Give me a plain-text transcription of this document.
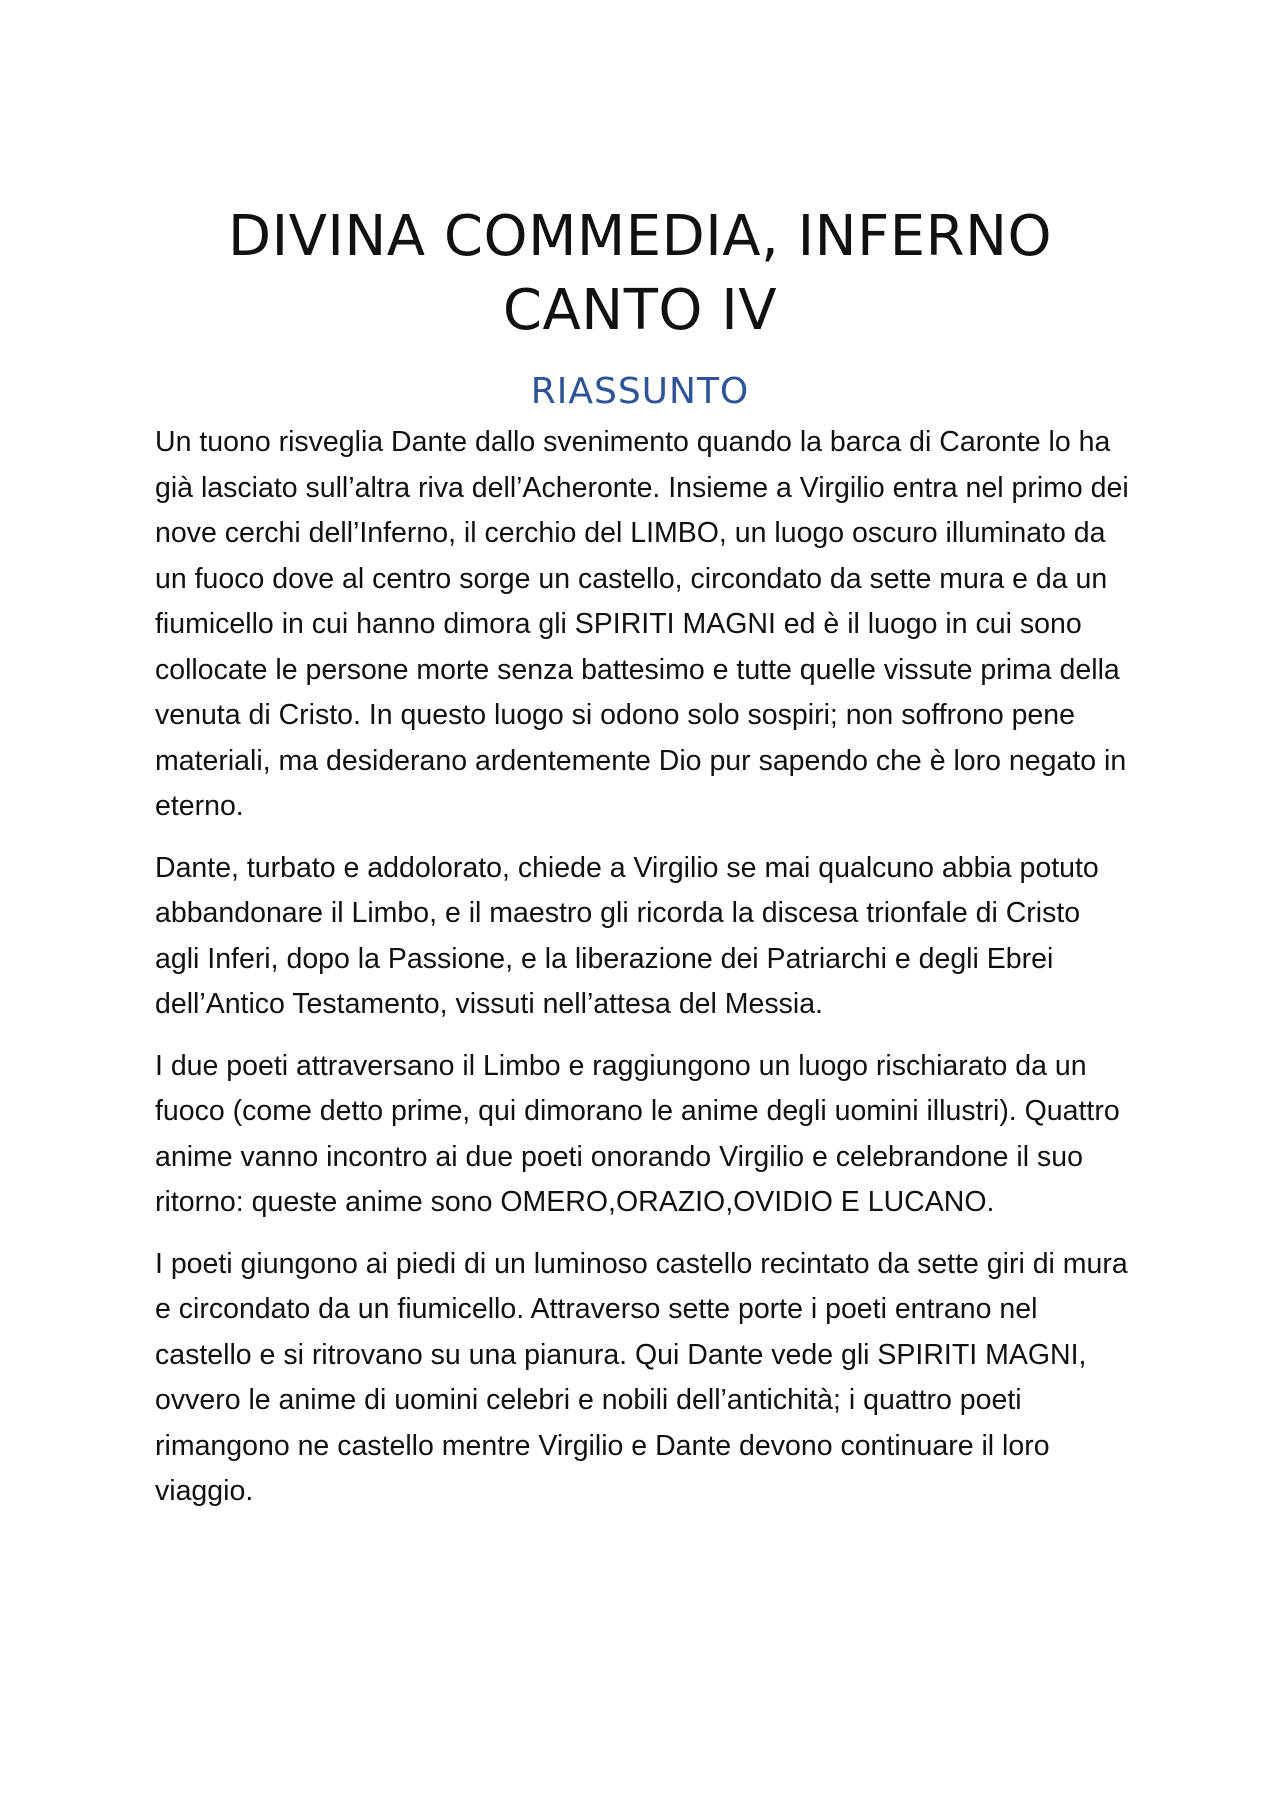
DIVINA COMMEDIA, INFERNO
CANTO IV
RIASSUNTO

Un tuono risveglia Dante dallo svenimento quando la barca di Caronte lo ha già lasciato sull’altra riva dell’Acheronte. Insieme a Virgilio entra nel primo dei nove cerchi dell’Inferno, il cerchio del LIMBO, un luogo oscuro illuminato da un fuoco dove al centro sorge un castello, circondato da sette mura e da un fiumicello in cui hanno dimora gli SPIRITI MAGNI ed è il luogo in cui sono collocate le persone morte senza battesimo e tutte quelle vissute prima della venuta di Cristo. In questo luogo si odono solo sospiri; non soffrono pene materiali, ma desiderano ardentemente Dio pur sapendo che è loro negato in eterno.

Dante, turbato e addolorato, chiede a Virgilio se mai qualcuno abbia potuto abbandonare il Limbo, e il maestro gli ricorda la discesa trionfale di Cristo agli Inferi, dopo la Passione, e la liberazione dei Patriarchi e degli Ebrei dell’Antico Testamento, vissuti nell’attesa del Messia.

I due poeti attraversano il Limbo e raggiungono un luogo rischiarato da un fuoco (come detto prime, qui dimorano le anime degli uomini illustri). Quattro anime vanno incontro ai due poeti onorando Virgilio e celebrandone il suo ritorno: queste anime sono OMERO,ORAZIO,OVIDIO E LUCANO.

I poeti giungono ai piedi di un luminoso castello recintato da sette giri di mura e circondato da un fiumicello. Attraverso sette porte i poeti entrano nel castello e si ritrovano su una pianura. Qui Dante vede gli SPIRITI MAGNI, ovvero le anime di uomini celebri e nobili dell’antichità; i quattro poeti rimangono ne castello mentre Virgilio e Dante devono continuare il loro viaggio.
